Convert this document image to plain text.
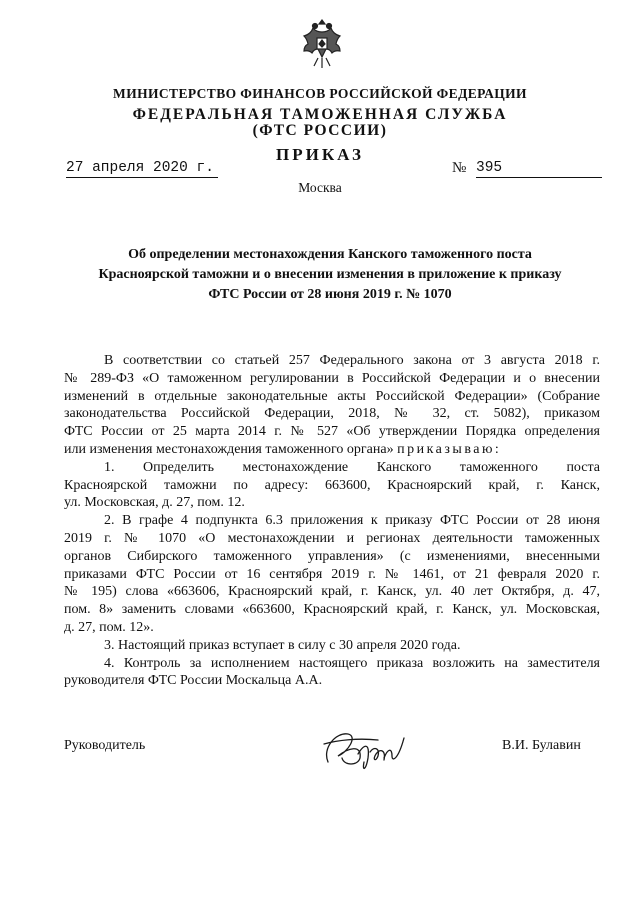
МИНИСТЕРСТВО ФИНАНСОВ РОССИЙСКОЙ ФЕДЕРАЦИИ
ФЕДЕРАЛЬНАЯ ТАМОЖЕННАЯ СЛУЖБА
(ФТС РОССИИ)
ПРИКАЗ
27 апреля 2020 г.	№ 395
Москва
Об определении местонахождения Канского таможенного поста
Красноярской таможни и о внесении изменения в приложение к приказу
ФТС России от 28 июня 2019 г. № 1070
В соответствии со статьей 257 Федерального закона от 3 августа 2018 г.
№ 289-ФЗ «О таможенном регулировании в Российской Федерации и о внесении
изменений в отдельные законодательные акты Российской Федерации» (Собрание
законодательства Российской Федерации, 2018, № 32, ст. 5082), приказом
ФТС России от 25 марта 2014 г. № 527 «Об утверждении Порядка определения
или изменения местонахождения таможенного органа» приказываю:
1. Определить местонахождение Канского таможенного поста
Красноярской таможни по адресу: 663600, Красноярский край, г. Канск,
ул. Московская, д. 27, пом. 12.
2. В графе 4 подпункта 6.3 приложения к приказу ФТС России от 28 июня
2019 г. № 1070 «О местонахождении и регионах деятельности таможенных
органов Сибирского таможенного управления» (с изменениями, внесенными
приказами ФТС России от 16 сентября 2019 г. № 1461, от 21 февраля 2020 г.
№ 195) слова «663606, Красноярский край, г. Канск, ул. 40 лет Октября, д. 47,
пом. 8» заменить словами «663600, Красноярский край, г. Канск, ул. Московская,
д. 27, пом. 12».
3. Настоящий приказ вступает в силу с 30 апреля 2020 года.
4. Контроль за исполнением настоящего приказа возложить на заместителя
руководителя ФТС России Москальца А.А.
Руководитель	В.И. Булавин
